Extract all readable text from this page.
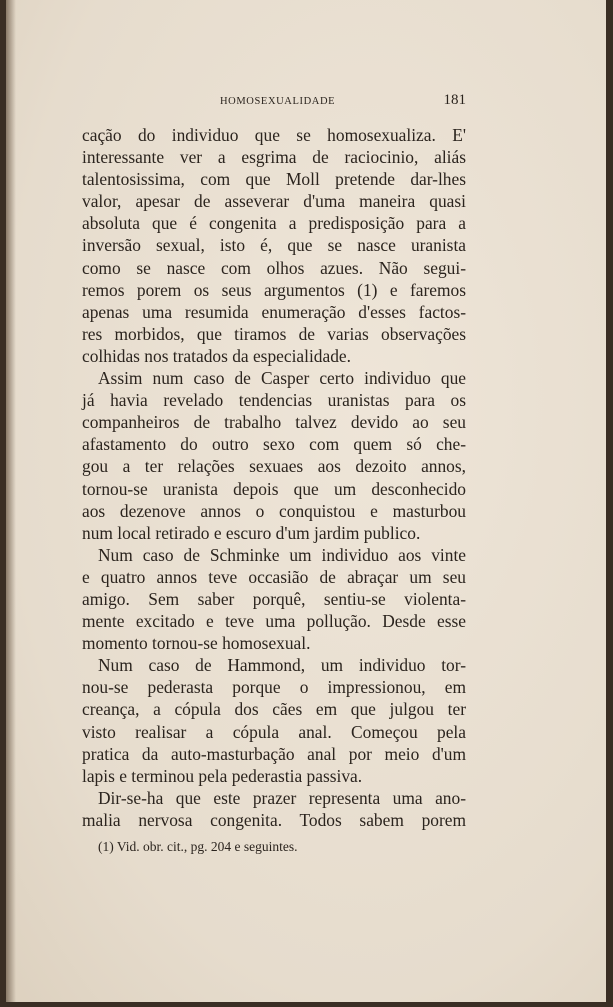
HOMOSEXUALIDADE	181
cação do individuo que se homosexualiza. E'
interessante ver a esgrima de raciocinio, aliás
talentosissima, com que Moll pretende dar-lhes
valor, apesar de asseverar d'uma maneira quasi
absoluta que é congenita a predisposição para a
inversão sexual, isto é, que se nasce uranista
como se nasce com olhos azues. Não segui-
remos porem os seus argumentos (1) e faremos
apenas uma resumida enumeração d'esses factos-
res morbidos, que tiramos de varias observações
colhidas nos tratados da especialidade.
Assim num caso de Casper certo individuo que
já havia revelado tendencias uranistas para os
companheiros de trabalho talvez devido ao seu
afastamento do outro sexo com quem só che-
gou a ter relações sexuaes aos dezoito annos,
tornou-se uranista depois que um desconhecido
aos dezenove annos o conquistou e masturbou
num local retirado e escuro d'um jardim publico.
Num caso de Schminke um individuo aos vinte
e quatro annos teve occasião de abraçar um seu
amigo. Sem saber porquê, sentiu-se violenta-
mente excitado e teve uma pollução. Desde esse
momento tornou-se homosexual.
Num caso de Hammond, um individuo tor-
nou-se pederasta porque o impressionou, em
creança, a cópula dos cães em que julgou ter
visto realisar a cópula anal. Começou pela
pratica da auto-masturbação anal por meio d'um
lapis e terminou pela pederastia passiva.
Dir-se-ha que este prazer representa uma ano-
malia nervosa congenita. Todos sabem porem
(1) Vid. obr. cit., pg. 204 e seguintes.
